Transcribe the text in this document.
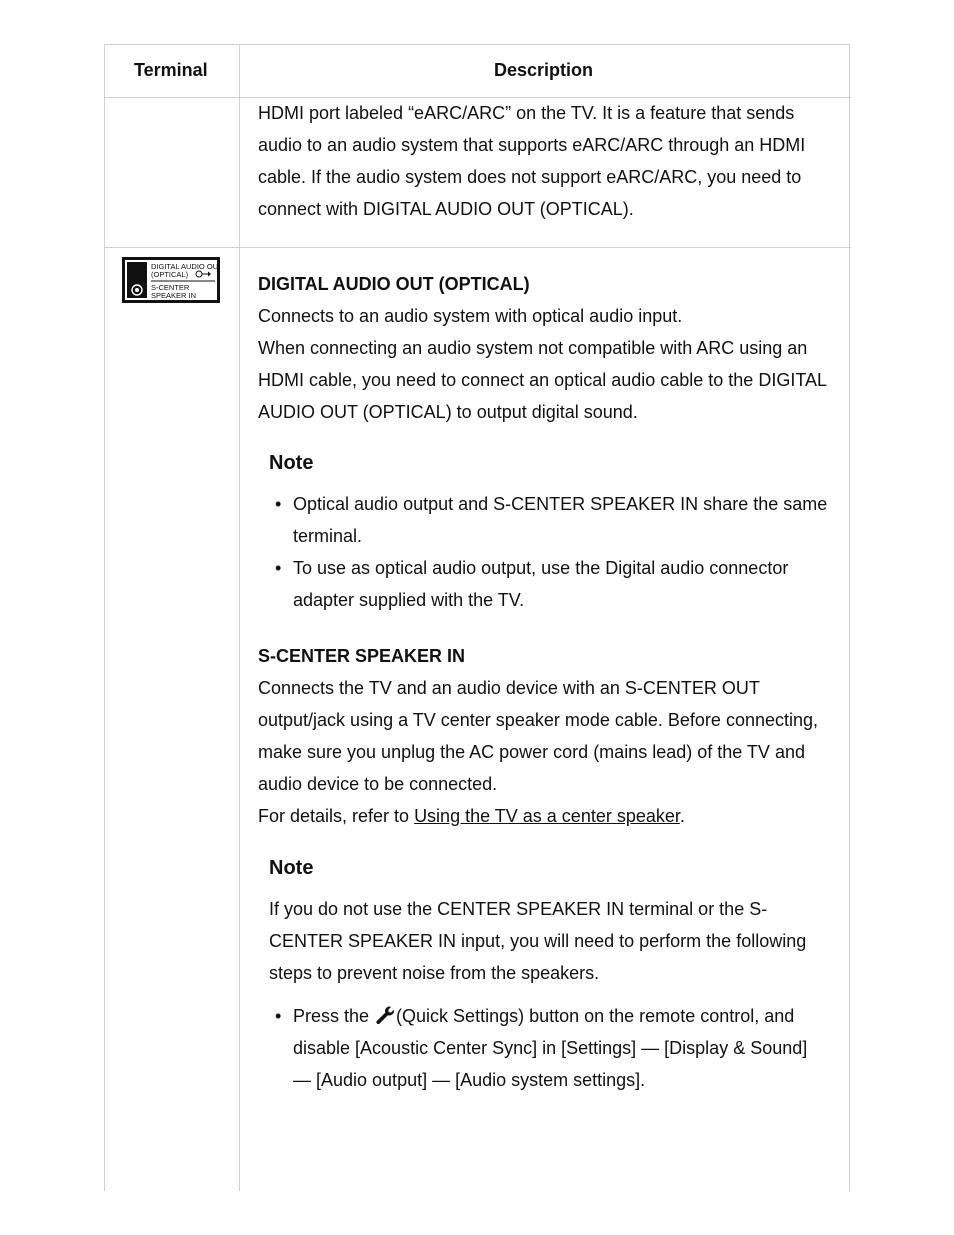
Terminal	Description
HDMI port labeled “eARC/ARC” on the TV. It is a feature that sends audio to an audio system that supports eARC/ARC through an HDMI cable. If the audio system does not support eARC/ARC, you need to connect with DIGITAL AUDIO OUT (OPTICAL).
DIGITAL AUDIO OUT
(OPTICAL)
S-CENTER
SPEAKER IN
DIGITAL AUDIO OUT (OPTICAL)
Connects to an audio system with optical audio input.
When connecting an audio system not compatible with ARC using an HDMI cable, you need to connect an optical audio cable to the DIGITAL AUDIO OUT (OPTICAL) to output digital sound.
Note
• Optical audio output and S-CENTER SPEAKER IN share the same terminal.
• To use as optical audio output, use the Digital audio connector adapter supplied with the TV.
S-CENTER SPEAKER IN
Connects the TV and an audio device with an S-CENTER OUT output/jack using a TV center speaker mode cable. Before connecting, make sure you unplug the AC power cord (mains lead) of the TV and audio device to be connected.
For details, refer to Using the TV as a center speaker.
Note
If you do not use the CENTER SPEAKER IN terminal or the S-CENTER SPEAKER IN input, you will need to perform the following steps to prevent noise from the speakers.
• Press the (Quick Settings) button on the remote control, and disable [Acoustic Center Sync] in [Settings] — [Display & Sound] — [Audio output] — [Audio system settings].
